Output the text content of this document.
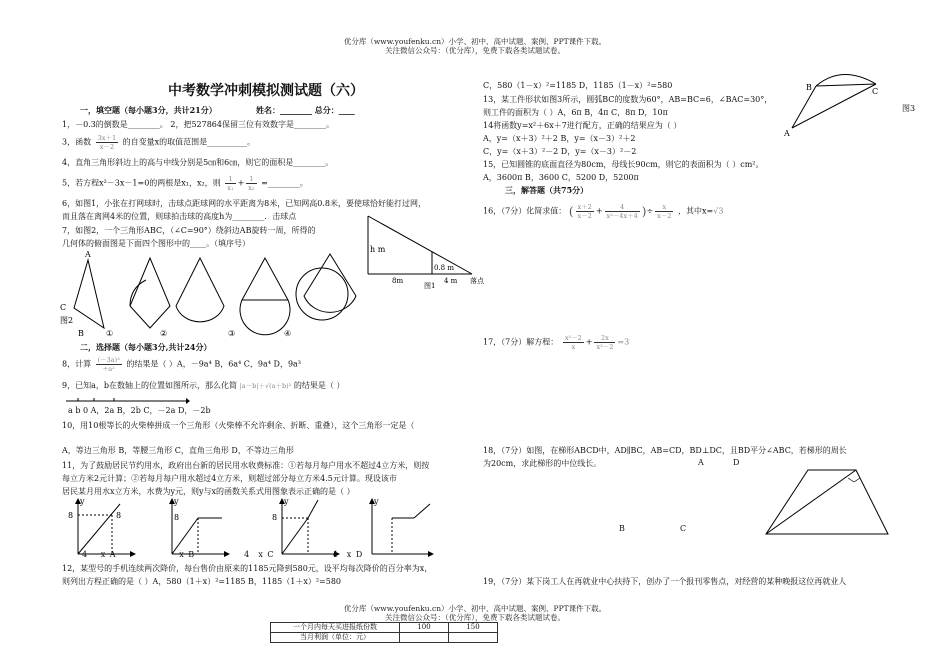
优分库（www.youfenku.cn）小学、初中、高中试题、案例、PPT课件下载。
关注微信公众号：（优分库），免费下载各类试题试卷。
中考数学冲刺模拟测试题（六）
一，填空题（每小题3分，共计21分）	姓名：________ 总分：____
1，－0.3的倒数是________。 2，把527864保留三位有效数字是________。
3，函数 $\frac{3x+1}{x-2}$ 的自变量x的取值范围是__________。
4，直角三角形斜边上的高与中线分别是5㎝和6㎝，则它的面积是________。
5，若方程x²－3x－1=0的两根是x₁，x₂，则 $\frac{1}{\text{x₁}} + \frac{1}{\text{x₂}}$ =________。
6，如图1，小张在打网球时，击球点距球网的水平距离为8米，已知网高0.8米，要使球恰好能打过网，
而且落在离网4米的位置，则球拍击球的高度h为________．击球点
7，如图2，一个三角形ABC，（∠C=90°）绕斜边AB旋转一周，所得的
几何体的俯面图是下面四个图形中的____。（填序号）
h m
0.8 m
8m	4 m
图1
落点
A
C
B
图2
①	②	③	④
二，选择题（每小题3分,共计24分）
8，计算 $\frac{\text{(－3a)²}}{\text{÷a²}}$ 的结果是（ ）A，－9a⁴ B，6a⁴ C，9a⁴ D，9a³
9，已知a，b在数轴上的位置如图所示，那么化简 |a－b|＋√(a＋b)² 的结果是（ ）
a b 0 A，2a B，2b C，－2a D，－2b
10，用10根等长的火柴棒拼成一个三角形（火柴棒不允许剩余、折断、重叠），这个三角形一定是（
A，等边三角形 B，等腰三角形 C，直角三角形 D，不等边三角形
11，为了鼓励居民节约用水，政府出台新的居民用水收费标准：①若每月每户用水不超过4立方米，则按
每立方米2元计算；②若每月每户用水超过4立方米，则超过部分每立方米4.5元计算。现设该市
居民某月用水x立方米，水费为y元，则y与x的函数关系式用图象表示正确的是（ ）
y
8	8
y
8
y
8
y
4 x A	x B	4 x C	4 x D
12，某型号的手机连续两次降价，每台售价由原来的1185元降到580元，设平均每次降价的百分率为x，
则列出方程正确的是（ ）A，580（1＋x）²=1185 B，1185（1＋x）²=580
C，580（1－x）²=1185 D，1185（1－x）²=580
13，某工件形状如图3所示，圆弧BC的度数为60°，AB=BC=6，∠BAC=30°，
则工件的面积为（ ）A，6π B，4π C，8π D，10π
14将函数y=x²＋6x＋7进行配方，正确的结果应为（ ）
A，y=（x＋3）²＋2 B，y=（x－3）²＋2
C，y=（x＋3）²－2 D，y=（x－3）²－2
15，已知圆锥的底面直径为80cm，母线长90cm，则它的表面积为（ ）cm²。
A，3600π B，3600 C，5200 D，5200π
B	C
A
图3
三，解答题（共75分）
16，（7分）化简求值： ( $\frac{x+2}{x-2} + \frac{4}{\text{x²－4x＋4}}$ )÷ $\frac{x}{x-2}$ ，其中x=√3
17，（7分）解方程： $\frac{\text{x²－2}}{x} + \frac{2x}{\text{x²－2}} =3$
18，（7分）如图，在梯形ABCD中，AD∥BC，AB=CD，BD⊥DC，且BD平分∠ABC，若梯形的周长
为20cm，求此梯形的中位线长。	A	D
B	C
19，（7分）某下岗工人在再就业中心扶持下，创办了一个报刊零售点，对经营的某种晚报这位再就业人
优分库（www.youfenku.cn）小学、初中、高中试题、案例、PPT课件下载。
关注微信公众号：（优分库），免费下载各类试题试卷。
一个月内每天买进报纸份数	100	150
当月利润（单位：元）		
